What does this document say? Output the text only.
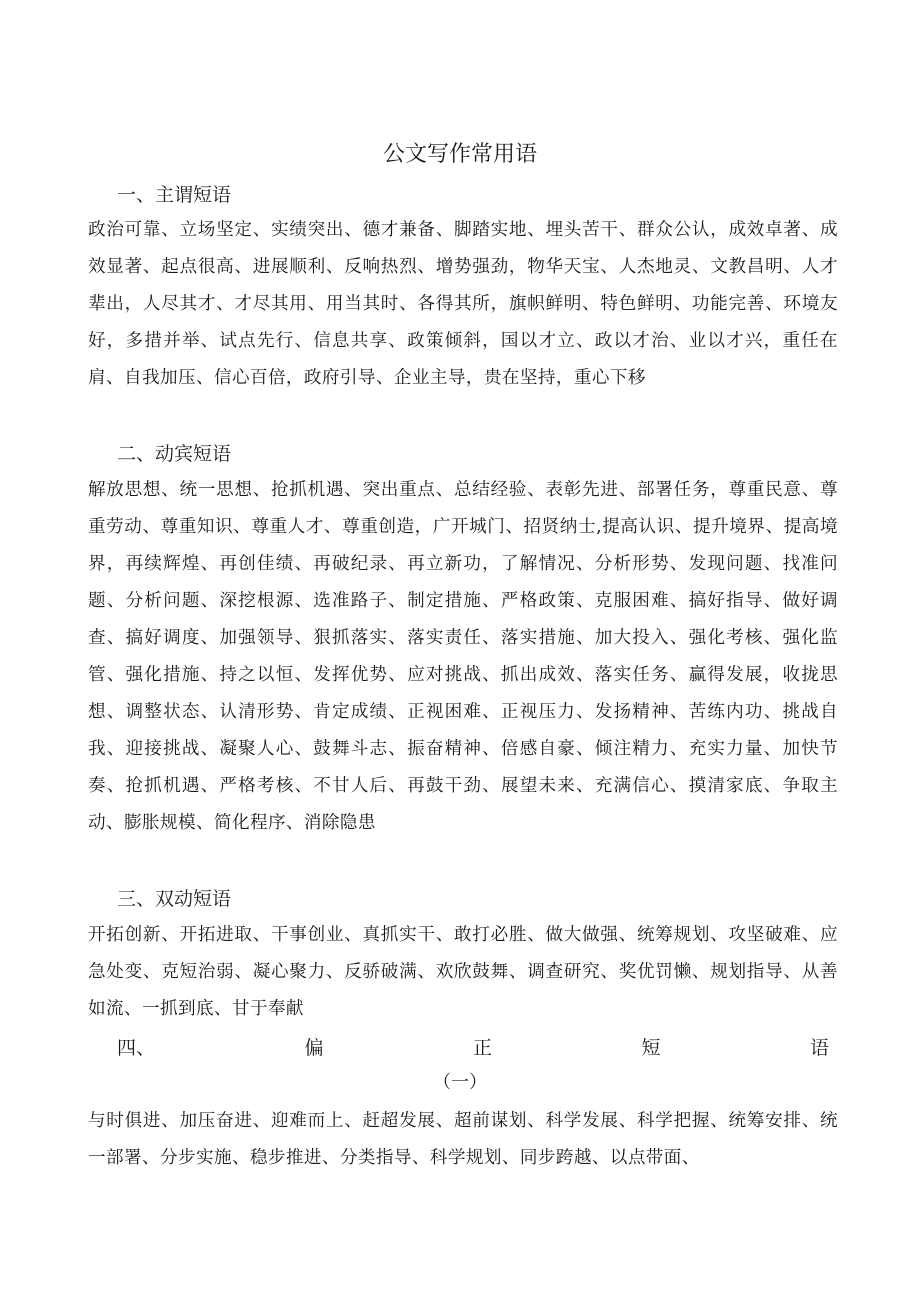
公文写作常用语
一、主谓短语

政治可靠、立场坚定、实绩突出、德才兼备、脚踏实地、埋头苦干、群众公认，成效卓著、成效显著、起点很高、进展顺利、反响热烈、增势强劲，物华天宝、人杰地灵、文教昌明、人才辈出，人尽其才、才尽其用、用当其时、各得其所，旗帜鲜明、特色鲜明、功能完善、环境友好，多措并举、试点先行、信息共享、政策倾斜，国以才立、政以才治、业以才兴，重任在肩、自我加压、信心百倍，政府引导、企业主导，贵在坚持，重心下移

二、动宾短语

解放思想、统一思想、抢抓机遇、突出重点、总结经验、表彰先进、部署任务，尊重民意、尊重劳动、尊重知识、尊重人才、尊重创造，广开城门、招贤纳士,提高认识、提升境界、提高境界，再续辉煌、再创佳绩、再破纪录、再立新功，了解情况、分析形势、发现问题、找准问题、分析问题、深挖根源、选准路子、制定措施、严格政策、克服困难、搞好指导、做好调查、搞好调度、加强领导、狠抓落实、落实责任、落实措施、加大投入、强化考核、强化监管、强化措施、持之以恒、发挥优势、应对挑战、抓出成效、落实任务、赢得发展，收拢思想、调整状态、认清形势、肯定成绩、正视困难、正视压力、发扬精神、苦练内功、挑战自我、迎接挑战、凝聚人心、鼓舞斗志、振奋精神、倍感自豪、倾注精力、充实力量、加快节奏、抢抓机遇、严格考核、不甘人后、再鼓干劲、展望未来、充满信心、摸清家底、争取主动、膨胀规模、简化程序、消除隐患

三、双动短语

开拓创新、开拓进取、干事创业、真抓实干、敢打必胜、做大做强、统筹规划、攻坚破难、应急处变、克短治弱、凝心聚力、反骄破满、欢欣鼓舞、调查研究、奖优罚懒、规划指导、从善如流、一抓到底、甘于奉献

四、	偏	正	短	语
（一）

与时俱进、加压奋进、迎难而上、赶超发展、超前谋划、科学发展、科学把握、统筹安排、统一部署、分步实施、稳步推进、分类指导、科学规划、同步跨越、以点带面、
